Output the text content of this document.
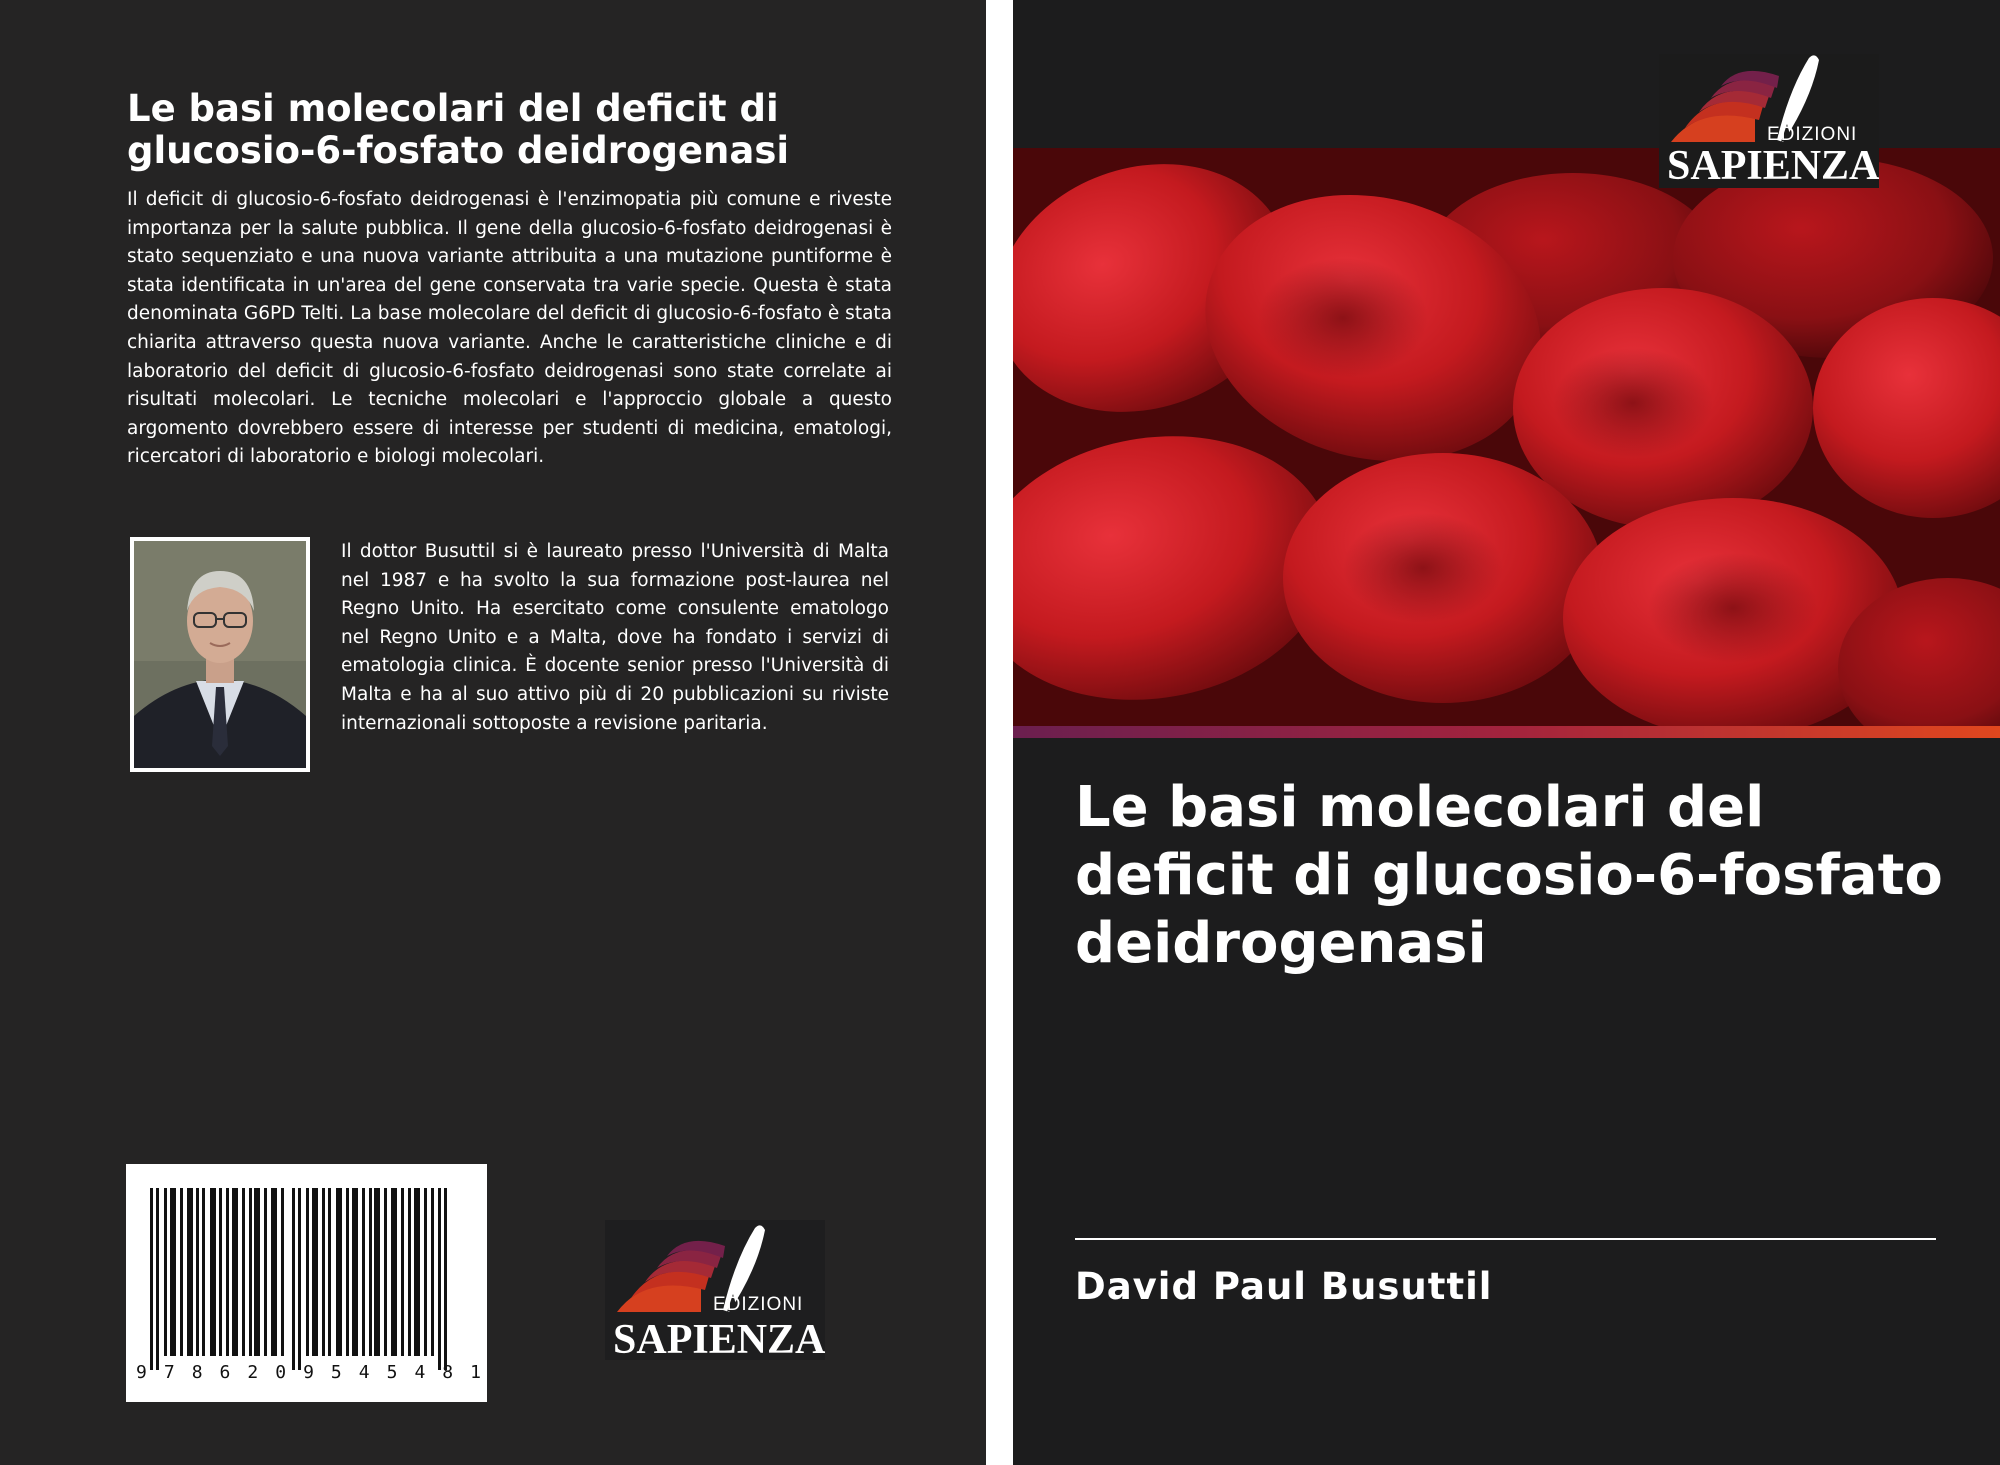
Le basi molecolari del deficit di glucosio-6-fosfato deidrogenasi
Il deficit di glucosio-6-fosfato deidrogenasi è l'enzimopatia più comune e riveste importanza per la salute pubblica. Il gene della glucosio-6-fosfato deidrogenasi è stato sequenziato e una nuova variante attribuita a una mutazione puntiforme è stata identificata in un'area del gene conservata tra varie specie. Questa è stata denominata G6PD Telti. La base molecolare del deficit di glucosio-6-fosfato è stata chiarita attraverso questa nuova variante. Anche le caratteristiche cliniche e di laboratorio del deficit di glucosio-6-fosfato deidrogenasi sono state correlate ai risultati molecolari. Le tecniche molecolari e l'approccio globale a questo argomento dovrebbero essere di interesse per studenti di medicina, ematologi, ricercatori di laboratorio e biologi molecolari.
Il dottor Busuttil si è laureato presso l'Università di Malta nel 1987 e ha svolto la sua formazione post-laurea nel Regno Unito. Ha esercitato come consulente ematologo nel Regno Unito e a Malta, dove ha fondato i servizi di ematologia clinica. È docente senior presso l'Università di Malta e ha al suo attivo più di 20 pubblicazioni su riviste internazionali sottoposte a revisione paritaria.
9 7 8 6 2 0 9 5 4 5 4 8 1
EDIZIONI
SAPIENZA
EDIZIONI
SAPIENZA
Le basi molecolari del deficit di glucosio-6-fosfato deidrogenasi
David Paul Busuttil
